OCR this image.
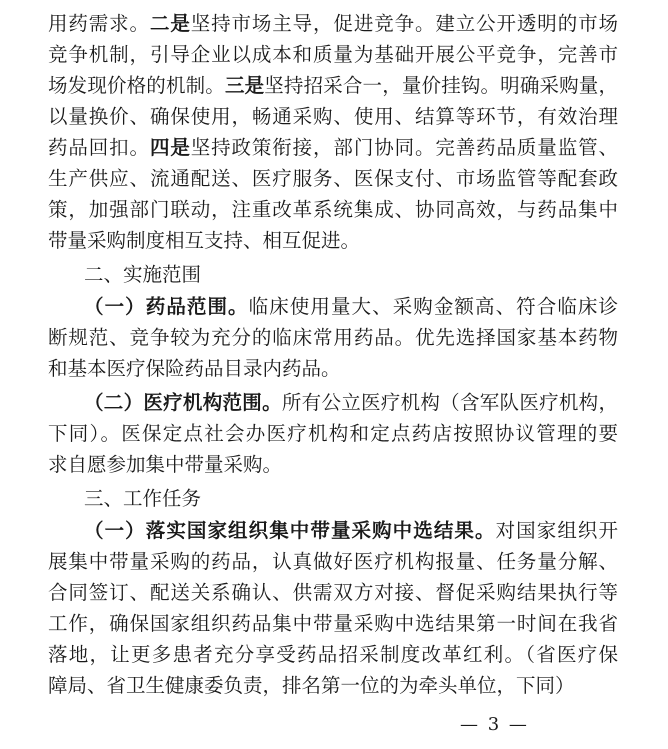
用药需求。二是坚持市场主导，促进竞争。建立公开透明的市场
竞争机制，引导企业以成本和质量为基础开展公平竞争，完善市
场发现价格的机制。三是坚持招采合一，量价挂钩。明确采购量，
以量换价、确保使用，畅通采购、使用、结算等环节，有效治理
药品回扣。四是坚持政策衔接，部门协同。完善药品质量监管、
生产供应、流通配送、医疗服务、医保支付、市场监管等配套政
策，加强部门联动，注重改革系统集成、协同高效，与药品集中
带量采购制度相互支持、相互促进。
二、实施范围
（一）药品范围。临床使用量大、采购金额高、符合临床诊
断规范、竞争较为充分的临床常用药品。优先选择国家基本药物
和基本医疗保险药品目录内药品。
（二）医疗机构范围。所有公立医疗机构（含军队医疗机构，
下同）。医保定点社会办医疗机构和定点药店按照协议管理的要
求自愿参加集中带量采购。
三、工作任务
（一）落实国家组织集中带量采购中选结果。对国家组织开
展集中带量采购的药品，认真做好医疗机构报量、任务量分解、
合同签订、配送关系确认、供需双方对接、督促采购结果执行等
工作，确保国家组织药品集中带量采购中选结果第一时间在我省
落地，让更多患者充分享受药品招采制度改革红利。（省医疗保
障局、省卫生健康委负责，排名第一位的为牵头单位，下同）
— 3 —
